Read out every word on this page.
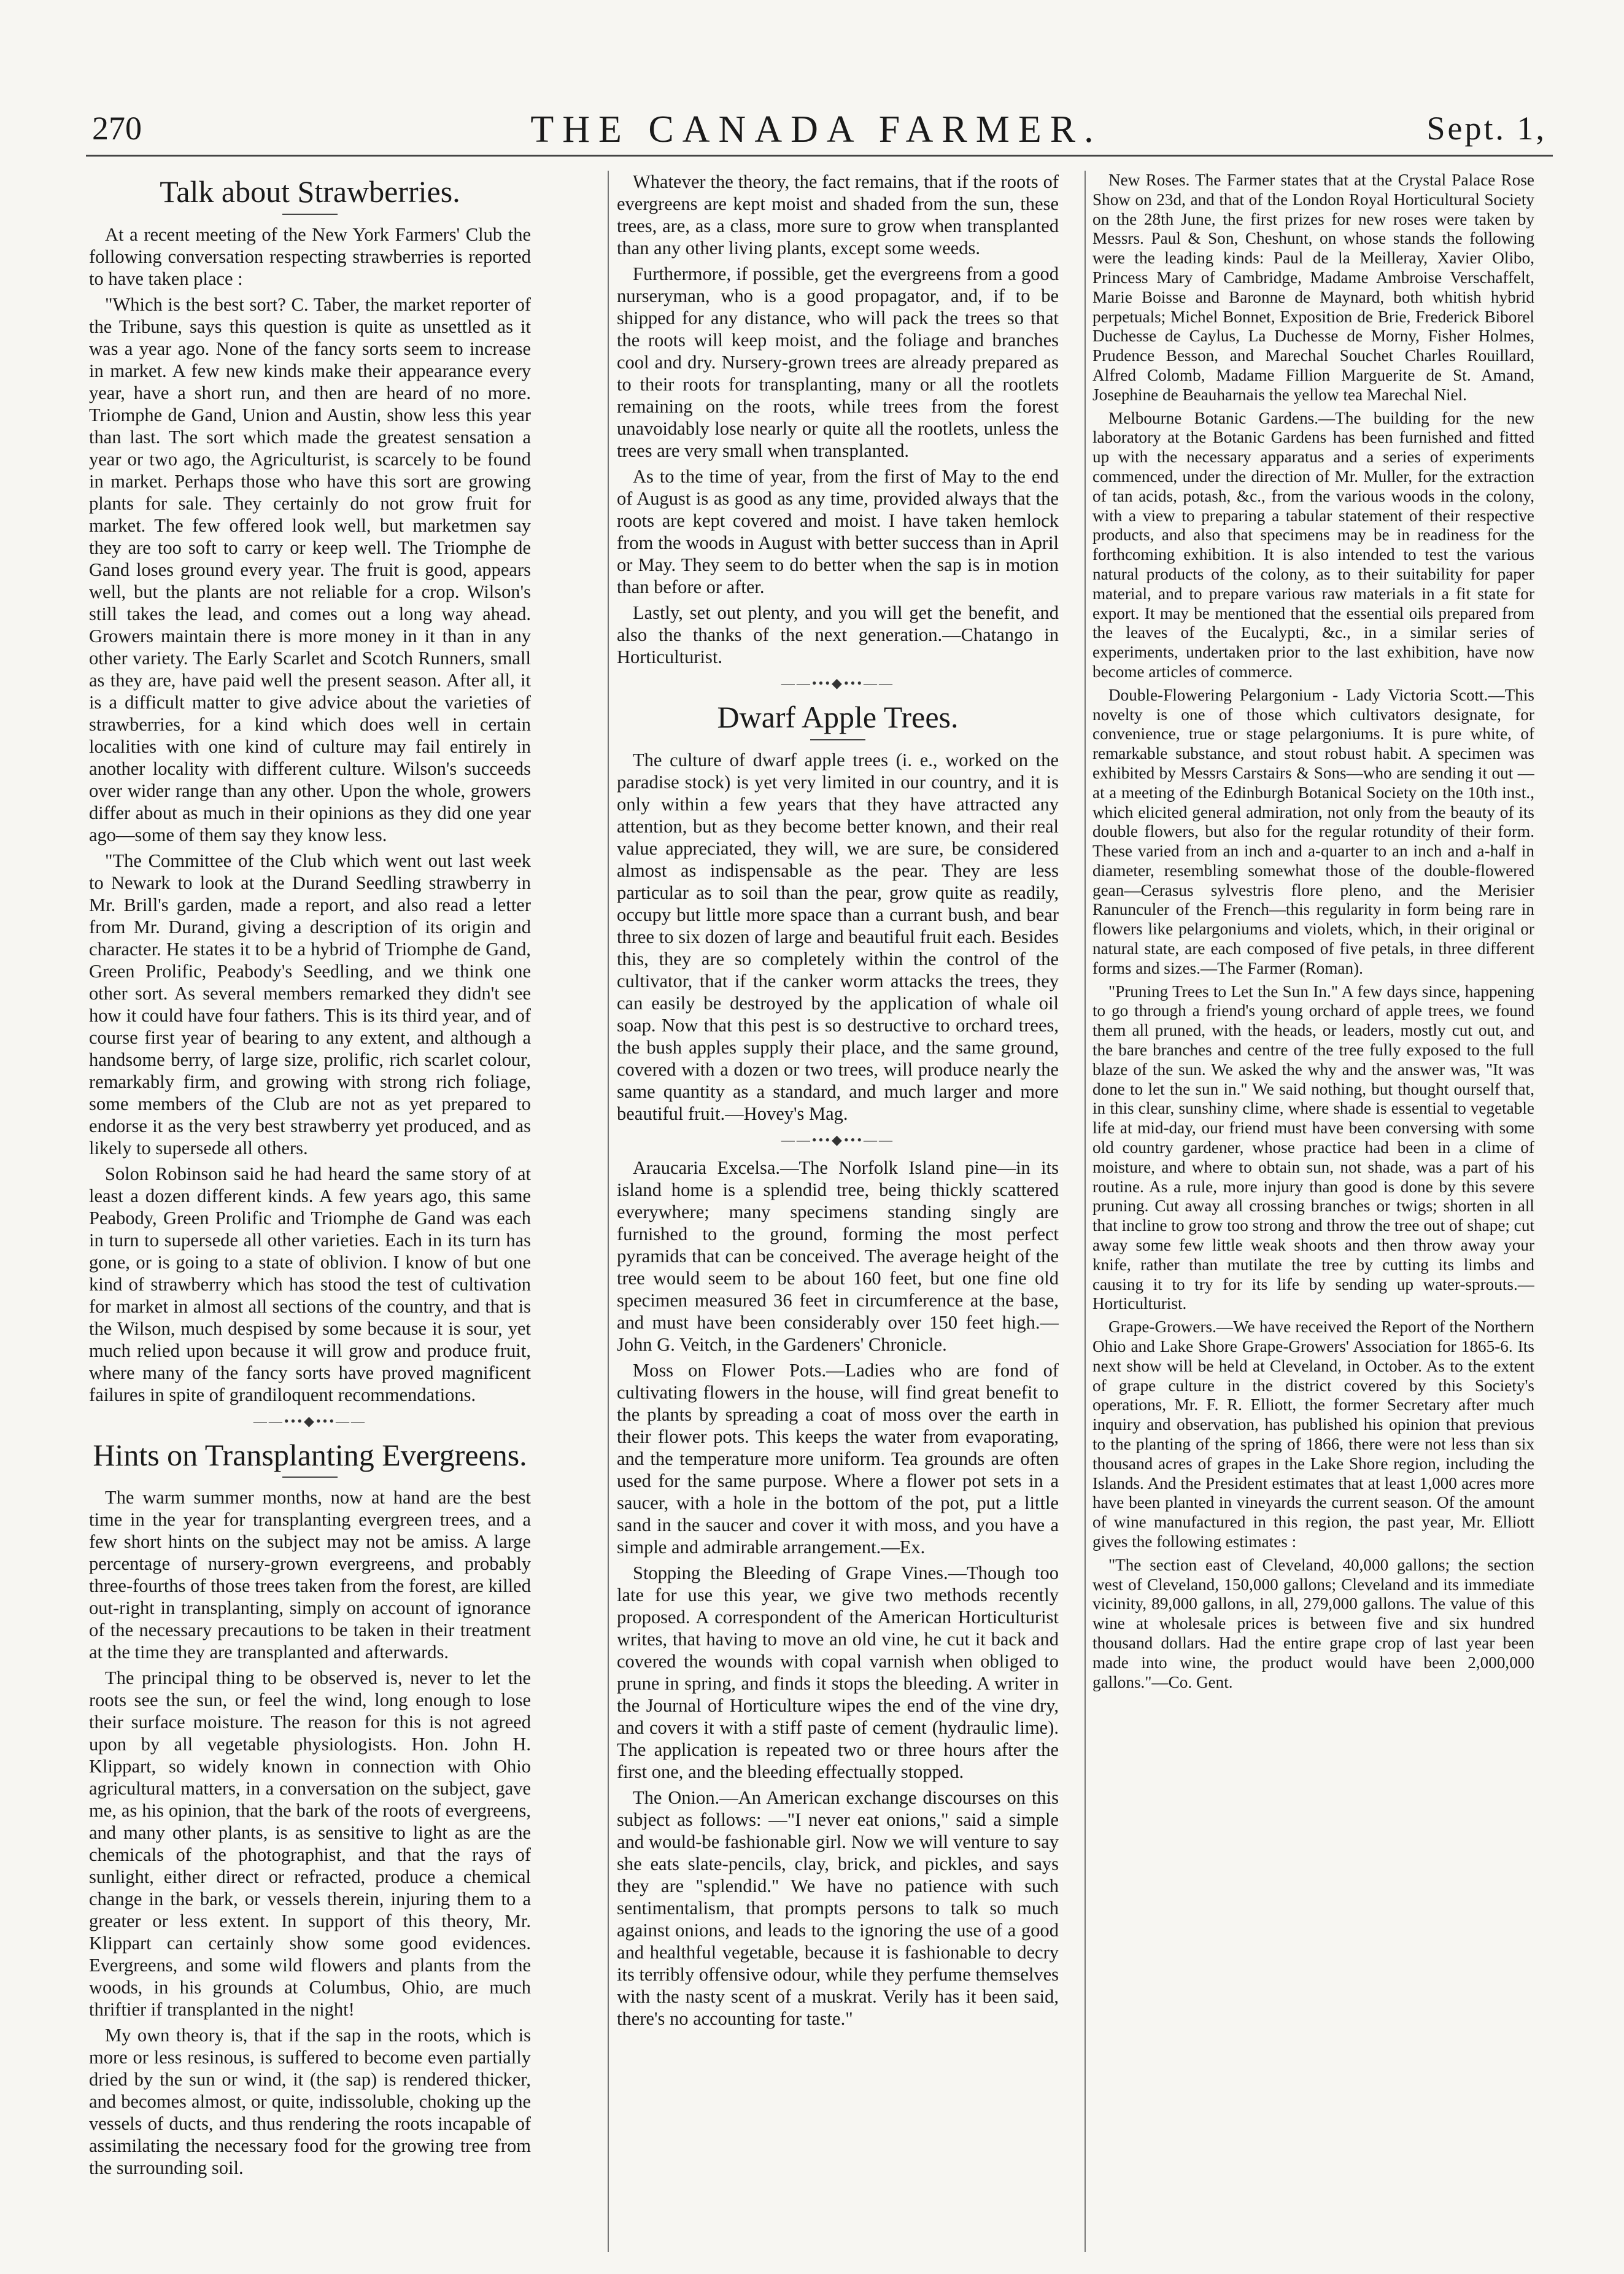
270	THE CANADA FARMER.	Sept. 1,
Talk about Strawberries.

At a recent meeting of the New York Farmers' Club the following conversation respecting strawberries is reported to have taken place :

"Which is the best sort? C. Taber, the market reporter of the Tribune, says this question is quite as unsettled as it was a year ago. None of the fancy sorts seem to increase in market. A few new kinds make their appearance every year, have a short run, and then are heard of no more. Triomphe de Gand, Union and Austin, show less this year than last. The sort which made the greatest sensation a year or two ago, the Agriculturist, is scarcely to be found in market. Perhaps those who have this sort are growing plants for sale. They certainly do not grow fruit for market. The few offered look well, but marketmen say they are too soft to carry or keep well. The Triomphe de Gand loses ground every year. The fruit is good, appears well, but the plants are not reliable for a crop. Wilson's still takes the lead, and comes out a long way ahead. Growers maintain there is more money in it than in any other variety. The Early Scarlet and Scotch Runners, small as they are, have paid well the present season. After all, it is a difficult matter to give advice about the varieties of strawberries, for a kind which does well in certain localities with one kind of culture may fail entirely in another locality with different culture. Wilson's succeeds over wider range than any other. Upon the whole, growers differ about as much in their opinions as they did one year ago—some of them say they know less.

"The Committee of the Club which went out last week to Newark to look at the Durand Seedling strawberry in Mr. Brill's garden, made a report, and also read a letter from Mr. Durand, giving a description of its origin and character. He states it to be a hybrid of Triomphe de Gand, Green Prolific, Peabody's Seedling, and we think one other sort. As several members remarked they didn't see how it could have four fathers. This is its third year, and of course first year of bearing to any extent, and although a handsome berry, of large size, prolific, rich scarlet colour, remarkably firm, and growing with strong rich foliage, some members of the Club are not as yet prepared to endorse it as the very best strawberry yet produced, and as likely to supersede all others.

Solon Robinson said he had heard the same story of at least a dozen different kinds. A few years ago, this same Peabody, Green Prolific and Triomphe de Gand was each in turn to supersede all other varieties. Each in its turn has gone, or is going to a state of oblivion. I know of but one kind of strawberry which has stood the test of cultivation for market in almost all sections of the country, and that is the Wilson, much despised by some because it is sour, yet much relied upon because it will grow and produce fruit, where many of the fancy sorts have proved magnificent failures in spite of grandiloquent recommendations.

——•••◆•••——
Hints on Transplanting Evergreens.

The warm summer months, now at hand are the best time in the year for transplanting evergreen trees, and a few short hints on the subject may not be amiss. A large percentage of nursery-grown evergreens, and probably three-fourths of those trees taken from the forest, are killed out-right in transplanting, simply on account of ignorance of the necessary precautions to be taken in their treatment at the time they are transplanted and afterwards.

The principal thing to be observed is, never to let the roots see the sun, or feel the wind, long enough to lose their surface moisture. The reason for this is not agreed upon by all vegetable physiologists. Hon. John H. Klippart, so widely known in connection with Ohio agricultural matters, in a conversation on the subject, gave me, as his opinion, that the bark of the roots of evergreens, and many other plants, is as sensitive to light as are the chemicals of the photographist, and that the rays of sunlight, either direct or refracted, produce a chemical change in the bark, or vessels therein, injuring them to a greater or less extent. In support of this theory, Mr. Klippart can certainly show some good evidences. Evergreens, and some wild flowers and plants from the woods, in his grounds at Columbus, Ohio, are much thriftier if transplanted in the night!

My own theory is, that if the sap in the roots, which is more or less resinous, is suffered to become even partially dried by the sun or wind, it (the sap) is rendered thicker, and becomes almost, or quite, indissoluble, choking up the vessels of ducts, and thus rendering the roots incapable of assimilating the necessary food for the growing tree from the surrounding soil.

Whatever the theory, the fact remains, that if the roots of evergreens are kept moist and shaded from the sun, these trees, are, as a class, more sure to grow when transplanted than any other living plants, except some weeds.

Furthermore, if possible, get the evergreens from a good nurseryman, who is a good propagator, and, if to be shipped for any distance, who will pack the trees so that the roots will keep moist, and the foliage and branches cool and dry. Nursery-grown trees are already prepared as to their roots for transplanting, many or all the rootlets remaining on the roots, while trees from the forest unavoidably lose nearly or quite all the rootlets, unless the trees are very small when transplanted.

As to the time of year, from the first of May to the end of August is as good as any time, provided always that the roots are kept covered and moist. I have taken hemlock from the woods in August with better success than in April or May. They seem to do better when the sap is in motion than before or after.

Lastly, set out plenty, and you will get the benefit, and also the thanks of the next generation.—Chatango in Horticulturist.

——•••◆•••——
Dwarf Apple Trees.

The culture of dwarf apple trees (i. e., worked on the paradise stock) is yet very limited in our country, and it is only within a few years that they have attracted any attention, but as they become better known, and their real value appreciated, they will, we are sure, be considered almost as indispensable as the pear. They are less particular as to soil than the pear, grow quite as readily, occupy but little more space than a currant bush, and bear three to six dozen of large and beautiful fruit each. Besides this, they are so completely within the control of the cultivator, that if the canker worm attacks the trees, they can easily be destroyed by the application of whale oil soap. Now that this pest is so destructive to orchard trees, the bush apples supply their place, and the same ground, covered with a dozen or two trees, will produce nearly the same quantity as a standard, and much larger and more beautiful fruit.—Hovey's Mag.

——•••◆•••——

Araucaria Excelsa.—The Norfolk Island pine—in its island home is a splendid tree, being thickly scattered everywhere; many specimens standing singly are furnished to the ground, forming the most perfect pyramids that can be conceived. The average height of the tree would seem to be about 160 feet, but one fine old specimen measured 36 feet in circumference at the base, and must have been considerably over 150 feet high.—John G. Veitch, in the Gardeners' Chronicle.

Moss on Flower Pots.—Ladies who are fond of cultivating flowers in the house, will find great benefit to the plants by spreading a coat of moss over the earth in their flower pots. This keeps the water from evaporating, and the temperature more uniform. Tea grounds are often used for the same purpose. Where a flower pot sets in a saucer, with a hole in the bottom of the pot, put a little sand in the saucer and cover it with moss, and you have a simple and admirable arrangement.—Ex.

Stopping the Bleeding of Grape Vines.—Though too late for use this year, we give two methods recently proposed. A correspondent of the American Horticulturist writes, that having to move an old vine, he cut it back and covered the wounds with copal varnish when obliged to prune in spring, and finds it stops the bleeding. A writer in the Journal of Horticulture wipes the end of the vine dry, and covers it with a stiff paste of cement (hydraulic lime). The application is repeated two or three hours after the first one, and the bleeding effectually stopped.

The Onion.—An American exchange discourses on this subject as follows: —"I never eat onions," said a simple and would-be fashionable girl. Now we will venture to say she eats slate-pencils, clay, brick, and pickles, and says they are "splendid." We have no patience with such sentimentalism, that prompts persons to talk so much against onions, and leads to the ignoring the use of a good and healthful vegetable, because it is fashionable to decry its terribly offensive odour, while they perfume themselves with the nasty scent of a muskrat. Verily has it been said, there's no accounting for taste."

New Roses. The Farmer states that at the Crystal Palace Rose Show on 23d, and that of the London Royal Horticultural Society on the 28th June, the first prizes for new roses were taken by Messrs. Paul & Son, Cheshunt, on whose stands the following were the leading kinds: Paul de la Meilleray, Xavier Olibo, Princess Mary of Cambridge, Madame Ambroise Verschaffelt, Marie Boisse and Baronne de Maynard, both whitish hybrid perpetuals; Michel Bonnet, Exposition de Brie, Frederick Biborel Duchesse de Caylus, La Duchesse de Morny, Fisher Holmes, Prudence Besson, and Marechal Souchet Charles Rouillard, Alfred Colomb, Madame Fillion Marguerite de St. Amand, Josephine de Beauharnais the yellow tea Marechal Niel.

Melbourne Botanic Gardens.—The building for the new laboratory at the Botanic Gardens has been furnished and fitted up with the necessary apparatus and a series of experiments commenced, under the direction of Mr. Muller, for the extraction of tan acids, potash, &c., from the various woods in the colony, with a view to preparing a tabular statement of their respective products, and also that specimens may be in readiness for the forthcoming exhibition. It is also intended to test the various natural products of the colony, as to their suitability for paper material, and to prepare various raw materials in a fit state for export. It may be mentioned that the essential oils prepared from the leaves of the Eucalypti, &c., in a similar series of experiments, undertaken prior to the last exhibition, have now become articles of commerce.

Double-Flowering Pelargonium - Lady Victoria Scott.—This novelty is one of those which cultivators designate, for convenience, true or stage pelargoniums. It is pure white, of remarkable substance, and stout robust habit. A specimen was exhibited by Messrs Carstairs & Sons—who are sending it out —at a meeting of the Edinburgh Botanical Society on the 10th inst., which elicited general admiration, not only from the beauty of its double flowers, but also for the regular rotundity of their form. These varied from an inch and a-quarter to an inch and a-half in diameter, resembling somewhat those of the double-flowered gean—Cerasus sylvestris flore pleno, and the Merisier Ranunculer of the French—this regularity in form being rare in flowers like pelargoniums and violets, which, in their original or natural state, are each composed of five petals, in three different forms and sizes.—The Farmer (Roman).

"Pruning Trees to Let the Sun In." A few days since, happening to go through a friend's young orchard of apple trees, we found them all pruned, with the heads, or leaders, mostly cut out, and the bare branches and centre of the tree fully exposed to the full blaze of the sun. We asked the why and the answer was, "It was done to let the sun in." We said nothing, but thought ourself that, in this clear, sunshiny clime, where shade is essential to vegetable life at mid-day, our friend must have been conversing with some old country gardener, whose practice had been in a clime of moisture, and where to obtain sun, not shade, was a part of his routine. As a rule, more injury than good is done by this severe pruning. Cut away all crossing branches or twigs; shorten in all that incline to grow too strong and throw the tree out of shape; cut away some few little weak shoots and then throw away your knife, rather than mutilate the tree by cutting its limbs and causing it to try for its life by sending up water-sprouts.—Horticulturist.

Grape-Growers.—We have received the Report of the Northern Ohio and Lake Shore Grape-Growers' Association for 1865-6. Its next show will be held at Cleveland, in October. As to the extent of grape culture in the district covered by this Society's operations, Mr. F. R. Elliott, the former Secretary after much inquiry and observation, has published his opinion that previous to the planting of the spring of 1866, there were not less than six thousand acres of grapes in the Lake Shore region, including the Islands. And the President estimates that at least 1,000 acres more have been planted in vineyards the current season. Of the amount of wine manufactured in this region, the past year, Mr. Elliott gives the following estimates :

"The section east of Cleveland, 40,000 gallons; the section west of Cleveland, 150,000 gallons; Cleveland and its immediate vicinity, 89,000 gallons, in all, 279,000 gallons. The value of this wine at wholesale prices is between five and six hundred thousand dollars. Had the entire grape crop of last year been made into wine, the product would have been 2,000,000 gallons."—Co. Gent.
